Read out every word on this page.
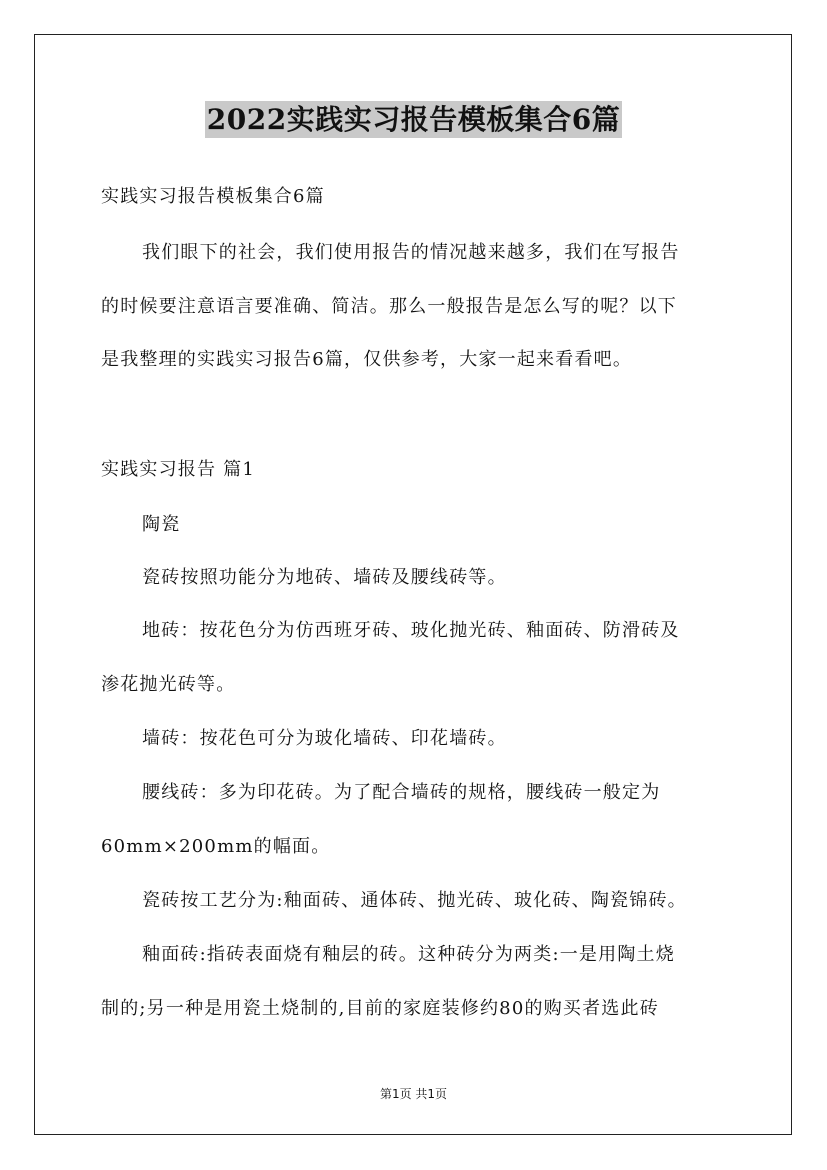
2022实践实习报告模板集合6篇
实践实习报告模板集合6篇
我们眼下的社会，我们使用报告的情况越来越多，我们在写报告
的时候要注意语言要准确、简洁。那么一般报告是怎么写的呢？以下
是我整理的实践实习报告6篇，仅供参考，大家一起来看看吧。
实践实习报告 篇1
陶瓷
瓷砖按照功能分为地砖、墙砖及腰线砖等。
地砖：按花色分为仿西班牙砖、玻化抛光砖、釉面砖、防滑砖及
渗花抛光砖等。
墙砖：按花色可分为玻化墙砖、印花墙砖。
腰线砖：多为印花砖。为了配合墙砖的规格，腰线砖一般定为
60mm×200mm的幅面。
瓷砖按工艺分为:釉面砖、通体砖、抛光砖、玻化砖、陶瓷锦砖。
釉面砖:指砖表面烧有釉层的砖。这种砖分为两类:一是用陶土烧
制的;另一种是用瓷土烧制的,目前的家庭装修约80的购买者选此砖
第1页 共1页
